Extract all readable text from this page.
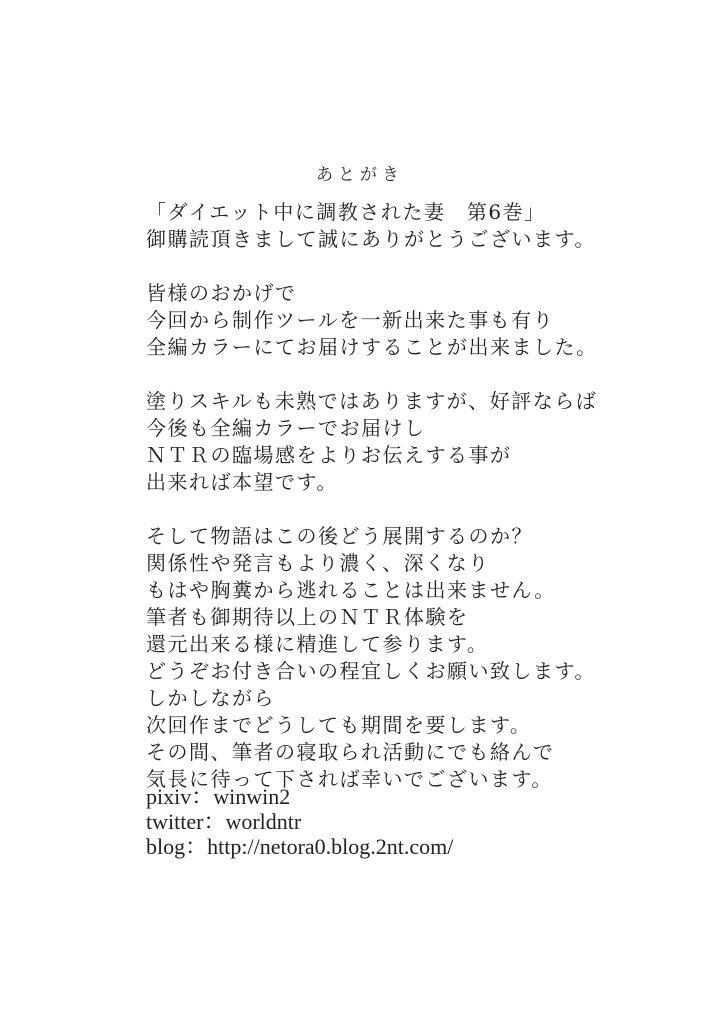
あとがき
「ダイエット中に調教された妻　第6巻」
御購読頂きまして誠にありがとうございます。
皆様のおかげで
今回から制作ツールを一新出来た事も有り
全編カラーにてお届けすることが出来ました。
塗りスキルも未熟ではありますが、好評ならば
今後も全編カラーでお届けし
ＮＴＲの臨場感をよりお伝えする事が
出来れば本望です。
そして物語はこの後どう展開するのか？
関係性や発言もより濃く、深くなり
もはや胸糞から逃れることは出来ません。
筆者も御期待以上のＮＴＲ体験を
還元出来る様に精進して参ります。
どうぞお付き合いの程宜しくお願い致します。
しかしながら
次回作までどうしても期間を要します。
その間、筆者の寝取られ活動にでも絡んで
気長に待って下されば幸いでございます。
pixiv：winwin2
twitter：worldntr
blog：http://netora0.blog.2nt.com/
